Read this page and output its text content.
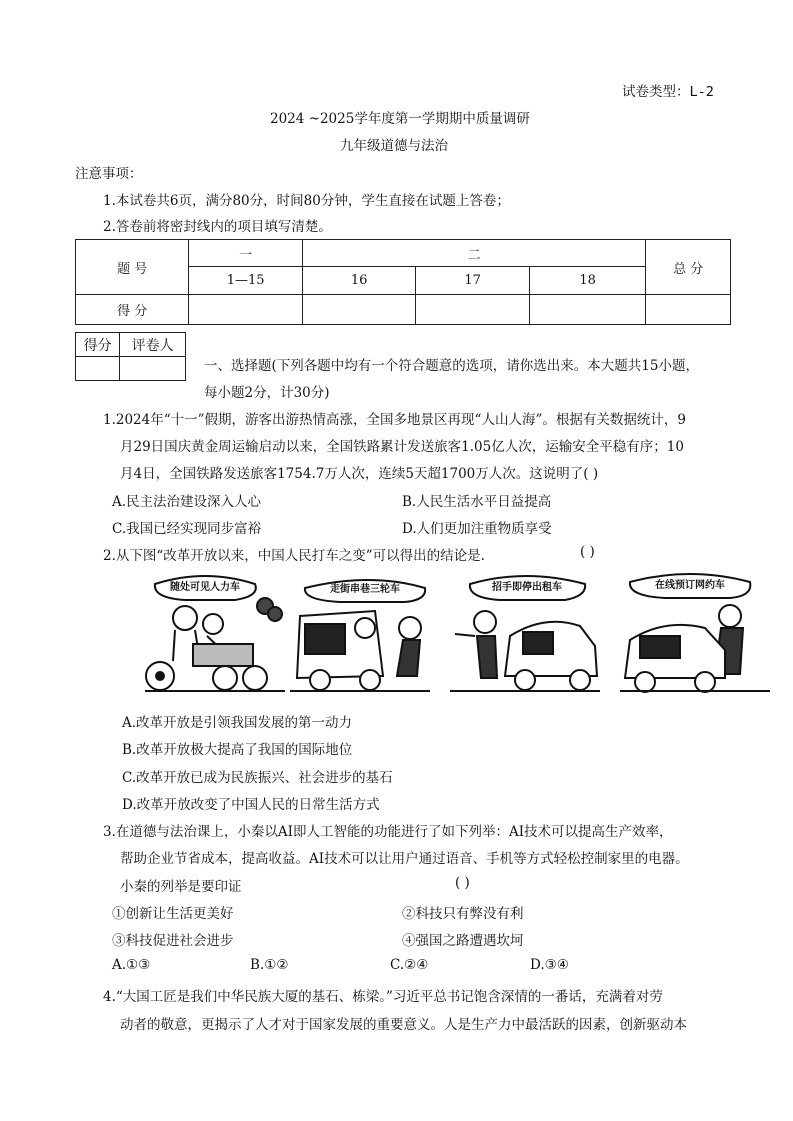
试卷类型：L-2
2024 ~2025学年度第一学期期中质量调研
九年级道德与法治
注意事项：
1.本试卷共6页，满分80分，时间80分钟，学生直接在试题上答卷；
2.答卷前将密封线内的项目填写清楚。
题 号	一	二			总 分
	1—15	16	17	18	
得 分					
得分	评卷人

一、选择题(下列各题中均有一个符合题意的选项，请你选出来。本大题共15小题，
每小题2分，计30分)
1.2024年“十一”假期，游客出游热情高涨，全国多地景区再现“人山人海”。根据有关数据统计，9
月29日国庆黄金周运输启动以来，全国铁路累计发送旅客1.05亿人次，运输安全平稳有序；10
月4日，全国铁路发送旅客1754.7万人次，连续5天超1700万人次。这说明了( )
A.民主法治建设深入人心	B.人民生活水平日益提高
C.我国已经实现同步富裕	D.人们更加注重物质享受
2.从下图“改革开放以来，中国人民打车之变”可以得出的结论是.	( )
随处可见人力车	走街串巷三轮车	招手即停出租车	在线预订网约车
A.改革开放是引领我国发展的第一动力
B.改革开放极大提高了我国的国际地位
C.改革开放已成为民族振兴、社会进步的基石
D.改革开放改变了中国人民的日常生活方式
3.在道德与法治课上，小秦以AI即人工智能的功能进行了如下列举：AI技术可以提高生产效率，
帮助企业节省成本，提高收益。AI技术可以让用户通过语音、手机等方式轻松控制家里的电器。
小秦的列举是要印证	( )
①创新让生活更美好	②科技只有弊没有利
③科技促进社会进步	④强国之路遭遇坎坷
A.①③	B.①②	C.②④	D.③④
4.“大国工匠是我们中华民族大厦的基石、栋梁。”习近平总书记饱含深情的一番话，充满着对劳
动者的敬意，更揭示了人才对于国家发展的重要意义。人是生产力中最活跃的因素，创新驱动本
